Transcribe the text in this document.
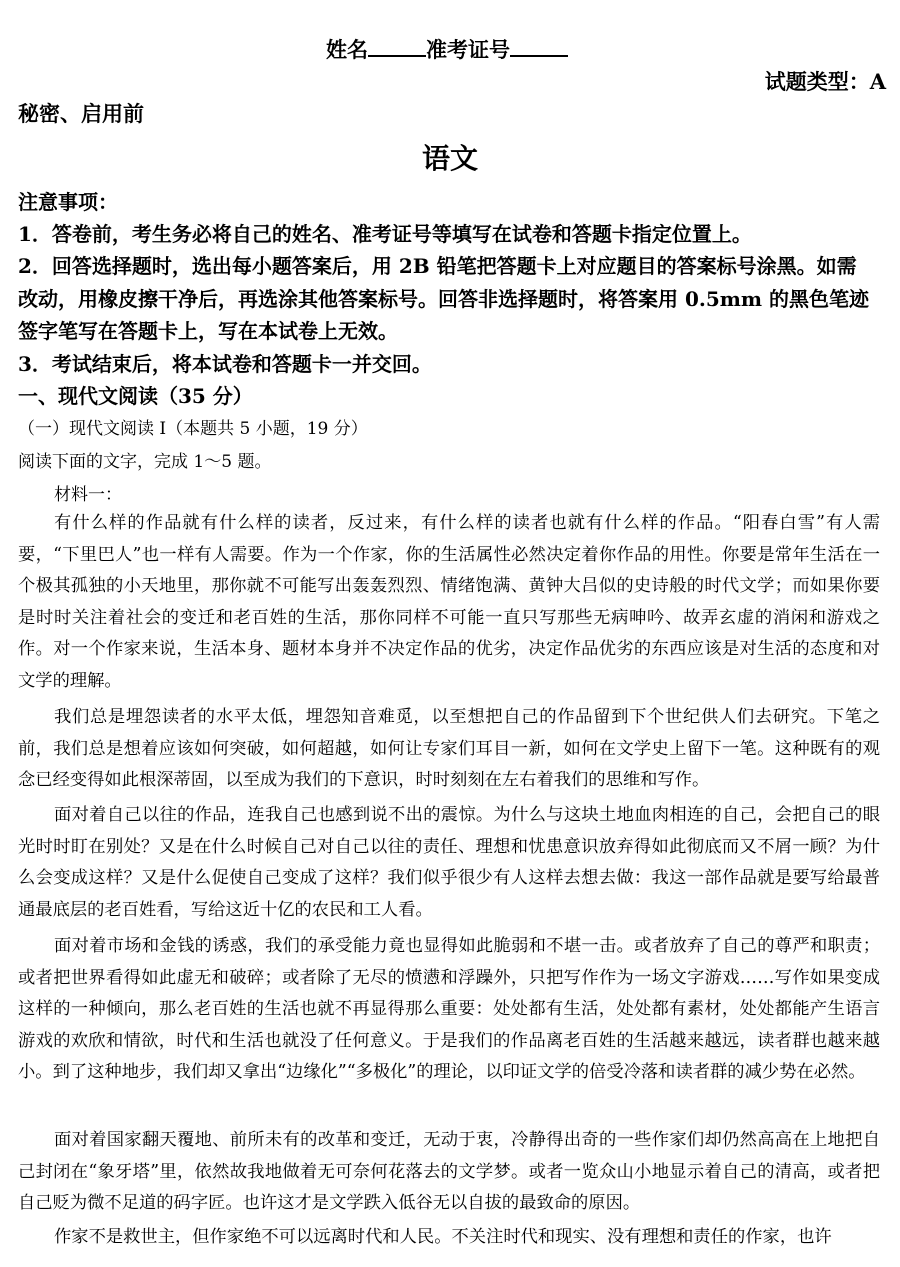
姓名	准考证号
试题类型：A
秘密、启用前
语文
注意事项：
1．答卷前，考生务必将自己的姓名、准考证号等填写在试卷和答题卡指定位置上。
2．回答选择题时，选出每小题答案后，用 2B 铅笔把答题卡上对应题目的答案标号涂黑。如需
改动，用橡皮擦干净后，再选涂其他答案标号。回答非选择题时，将答案用 0.5mm 的黑色笔迹
签字笔写在答题卡上，写在本试卷上无效。
3．考试结束后，将本试卷和答题卡一并交回。
一、现代文阅读（35 分）
（一）现代文阅读 I（本题共 5 小题，19 分）
阅读下面的文字，完成 1～5 题。
材料一：
有什么样的作品就有什么样的读者，反过来，有什么样的读者也就有什么样的作品。“阳春白雪”有人需要，“下里巴人”也一样有人需要。作为一个作家，你的生活属性必然决定着你作品的用性。你要是常年生活在一个极其孤独的小天地里，那你就不可能写出轰轰烈烈、情绪饱满、黄钟大吕似的史诗般的时代文学；而如果你要是时时关注着社会的变迁和老百姓的生活，那你同样不可能一直只写那些无病呻吟、故弄玄虚的消闲和游戏之作。对一个作家来说，生活本身、题材本身并不决定作品的优劣，决定作品优劣的东西应该是对生活的态度和对文学的理解。
我们总是埋怨读者的水平太低，埋怨知音难觅，以至想把自己的作品留到下个世纪供人们去研究。下笔之前，我们总是想着应该如何突破，如何超越，如何让专家们耳目一新，如何在文学史上留下一笔。这种既有的观念已经变得如此根深蒂固，以至成为我们的下意识，时时刻刻在左右着我们的思维和写作。
面对着自己以往的作品，连我自己也感到说不出的震惊。为什么与这块土地血肉相连的自己，会把自己的眼光时时盯在别处？又是在什么时候自己对自己以往的责任、理想和忧患意识放弃得如此彻底而又不屑一顾？为什么会变成这样？又是什么促使自己变成了这样？我们似乎很少有人这样去想去做：我这一部作品就是要写给最普通最底层的老百姓看，写给这近十亿的农民和工人看。
面对着市场和金钱的诱惑，我们的承受能力竟也显得如此脆弱和不堪一击。或者放弃了自己的尊严和职责；或者把世界看得如此虚无和破碎；或者除了无尽的愤懑和浮躁外，只把写作作为一场文字游戏……写作如果变成这样的一种倾向，那么老百姓的生活也就不再显得那么重要：处处都有生活，处处都有素材，处处都能产生语言游戏的欢欣和情欲，时代和生活也就没了任何意义。于是我们的作品离老百姓的生活越来越远，读者群也越来越小。到了这种地步，我们却又拿出“边缘化”“多极化”的理论，以印证文学的倍受冷落和读者群的减少势在必然。
面对着国家翻天覆地、前所未有的改革和变迁，无动于衷，冷静得出奇的一些作家们却仍然高高在上地把自己封闭在“象牙塔”里，依然故我地做着无可奈何花落去的文学梦。或者一览众山小地显示着自己的清高，或者把自己贬为微不足道的码字匠。也许这才是文学跌入低谷无以自拔的最致命的原因。
作家不是救世主，但作家绝不可以远离时代和人民。不关注时代和现实、没有理想和责任的作家，也许
